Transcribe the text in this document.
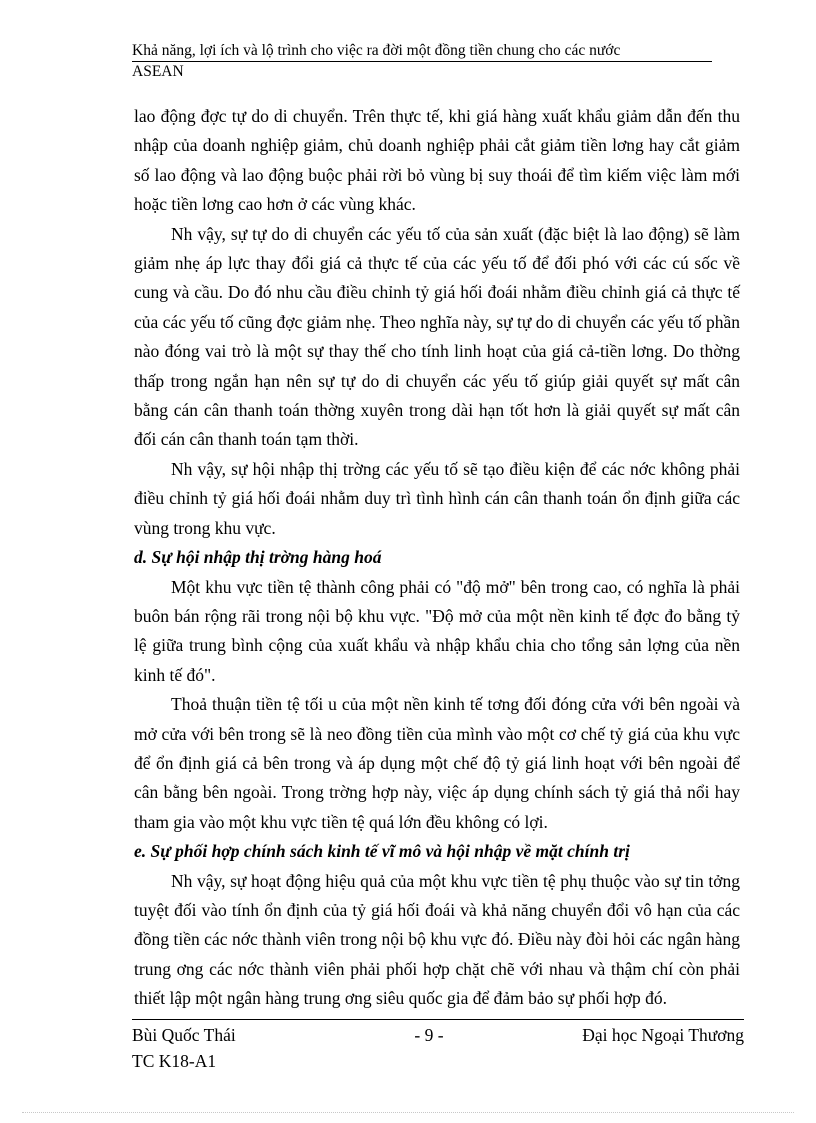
Khả năng, lợi ích và lộ trình cho việc ra đời một đồng tiền chung cho các nước
ASEAN

lao động đợc tự do di chuyển. Trên thực tế, khi giá hàng xuất khẩu giảm dẫn đến thu nhập của doanh nghiệp giảm, chủ doanh nghiệp phải cắt giảm tiền lơng hay cắt giảm số lao động và lao động buộc phải rời bỏ vùng bị suy thoái để tìm kiếm việc làm mới hoặc tiền lơng cao hơn ở các vùng khác.

Nh vậy, sự tự do di chuyển các yếu tố của sản xuất (đặc biệt là lao động) sẽ làm giảm nhẹ áp lực thay đổi giá cả thực tế của các yếu tố để đối phó với các cú sốc về cung và cầu. Do đó nhu cầu điều chỉnh tỷ giá hối đoái nhằm điều chỉnh giá cả thực tế của các yếu tố cũng đợc giảm nhẹ. Theo nghĩa này, sự tự do di chuyển các yếu tố phần nào đóng vai trò là một sự thay thế cho tính linh hoạt của giá cả-tiền lơng. Do thờng thấp trong ngắn hạn nên sự tự do di chuyển các yếu tố giúp giải quyết sự mất cân bằng cán cân thanh toán thờng xuyên trong dài hạn tốt hơn là giải quyết sự mất cân đối cán cân thanh toán tạm thời.

Nh vậy, sự hội nhập thị trờng các yếu tố sẽ tạo điều kiện để các nớc không phải điều chỉnh tỷ giá hối đoái nhằm duy trì tình hình cán cân thanh toán ổn định giữa các vùng trong khu vực.

d. Sự hội nhập thị trờng hàng hoá

Một khu vực tiền tệ thành công phải có "độ mở" bên trong cao, có nghĩa là phải buôn bán rộng rãi trong nội bộ khu vực. "Độ mở của một nền kinh tế đợc đo bằng tỷ lệ giữa trung bình cộng của xuất khẩu và nhập khẩu chia cho tổng sản lợng của nền kinh tế đó".

Thoả thuận tiền tệ tối u của một nền kinh tế tơng đối đóng cửa với bên ngoài và mở cửa với bên trong sẽ là neo đồng tiền của mình vào một cơ chế tỷ giá của khu vực để ổn định giá cả bên trong và áp dụng một chế độ tỷ giá linh hoạt với bên ngoài để cân bằng bên ngoài. Trong trờng hợp này, việc áp dụng chính sách tỷ giá thả nổi hay tham gia vào một khu vực tiền tệ quá lớn đều không có lợi.

e. Sự phối hợp chính sách kinh tế vĩ mô và hội nhập về mặt chính trị

Nh vậy, sự hoạt động hiệu quả của một khu vực tiền tệ phụ thuộc vào sự tin tởng tuyệt đối vào tính ổn định của tỷ giá hối đoái và khả năng chuyển đổi vô hạn của các đồng tiền các nớc thành viên trong nội bộ khu vực đó. Điều này đòi hỏi các ngân hàng trung ơng các nớc thành viên phải phối hợp chặt chẽ với nhau và thậm chí còn phải thiết lập một ngân hàng trung ơng siêu quốc gia để đảm bảo sự phối hợp đó.

Bùi Quốc Thái	- 9 -	Đại học Ngoại Thương
TC K18-A1
